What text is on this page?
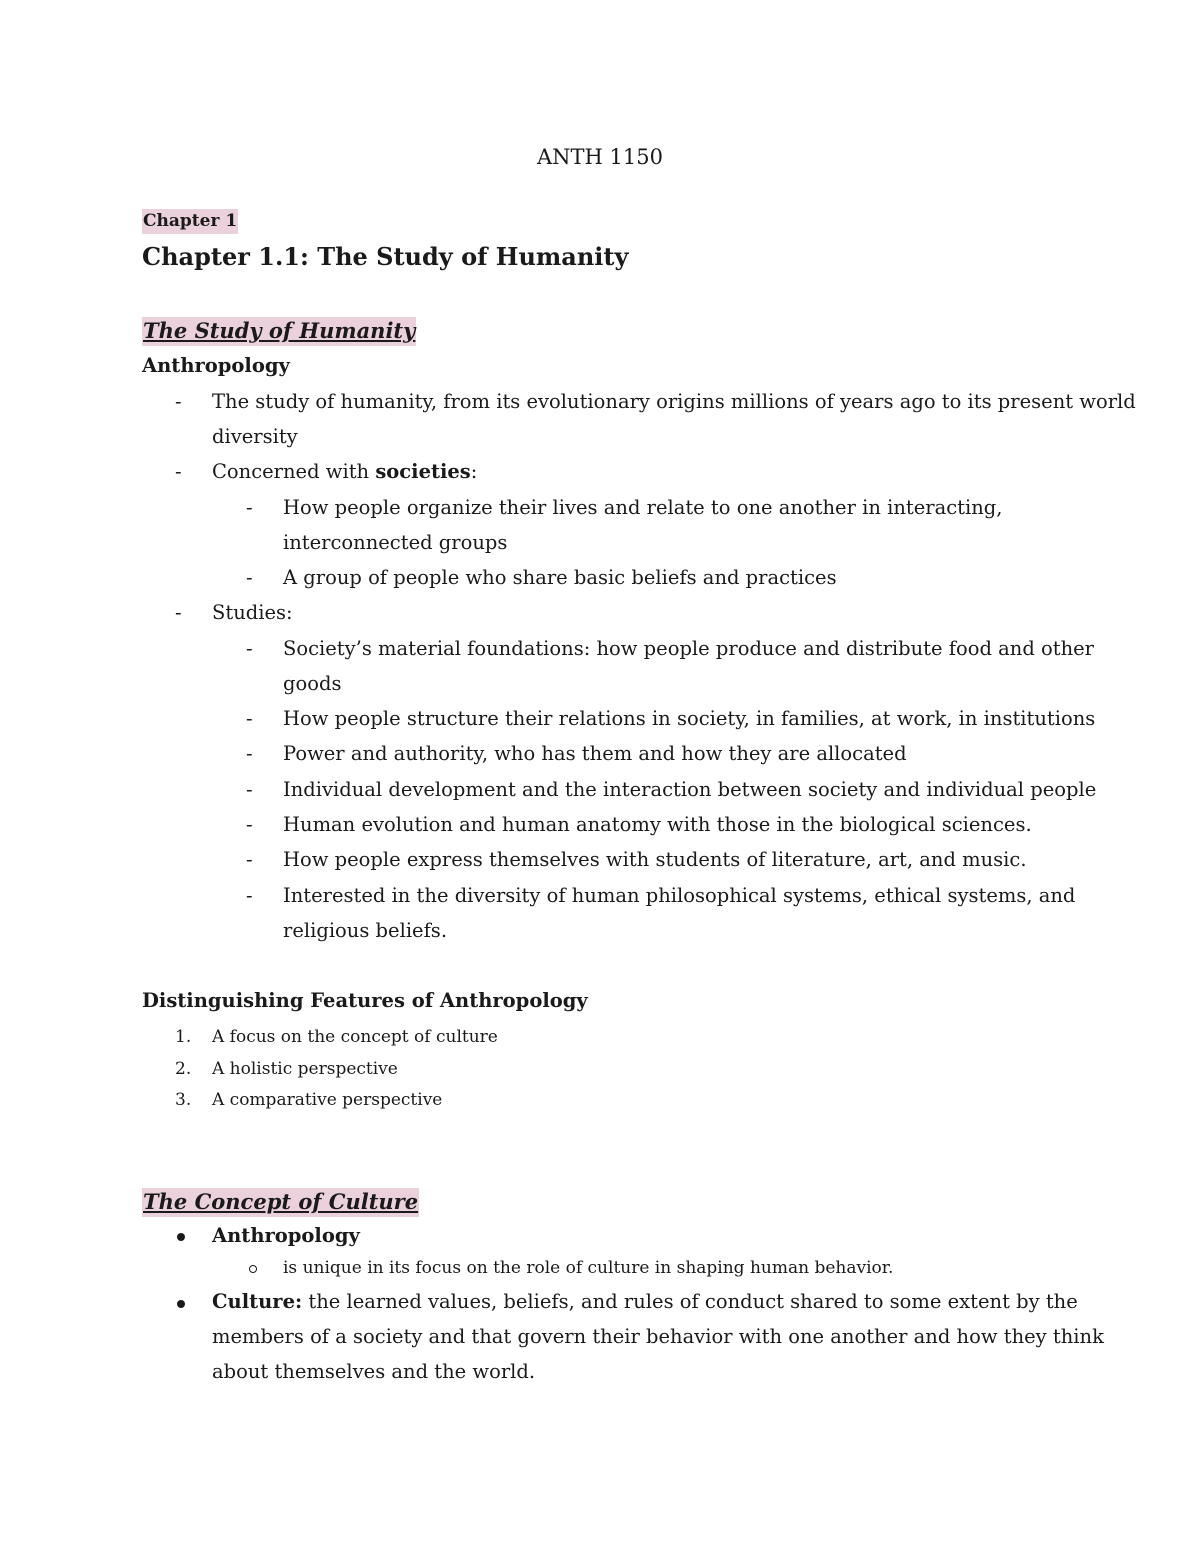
ANTH 1150
Chapter 1
Chapter 1.1: The Study of Humanity
The Study of Humanity
Anthropology
- The study of humanity, from its evolutionary origins millions of years ago to its present world
diversity
- Concerned with societies:
- How people organize their lives and relate to one another in interacting,
interconnected groups
- A group of people who share basic beliefs and practices
- Studies:
- Society’s material foundations: how people produce and distribute food and other
goods
- How people structure their relations in society, in families, at work, in institutions
- Power and authority, who has them and how they are allocated
- Individual development and the interaction between society and individual people
- Human evolution and human anatomy with those in the biological sciences.
- How people express themselves with students of literature, art, and music.
- Interested in the diversity of human philosophical systems, ethical systems, and
religious beliefs.
Distinguishing Features of Anthropology
1. A focus on the concept of culture
2. A holistic perspective
3. A comparative perspective
The Concept of Culture
Anthropology
is unique in its focus on the role of culture in shaping human behavior.
Culture: the learned values, beliefs, and rules of conduct shared to some extent by the
members of a society and that govern their behavior with one another and how they think
about themselves and the world.
